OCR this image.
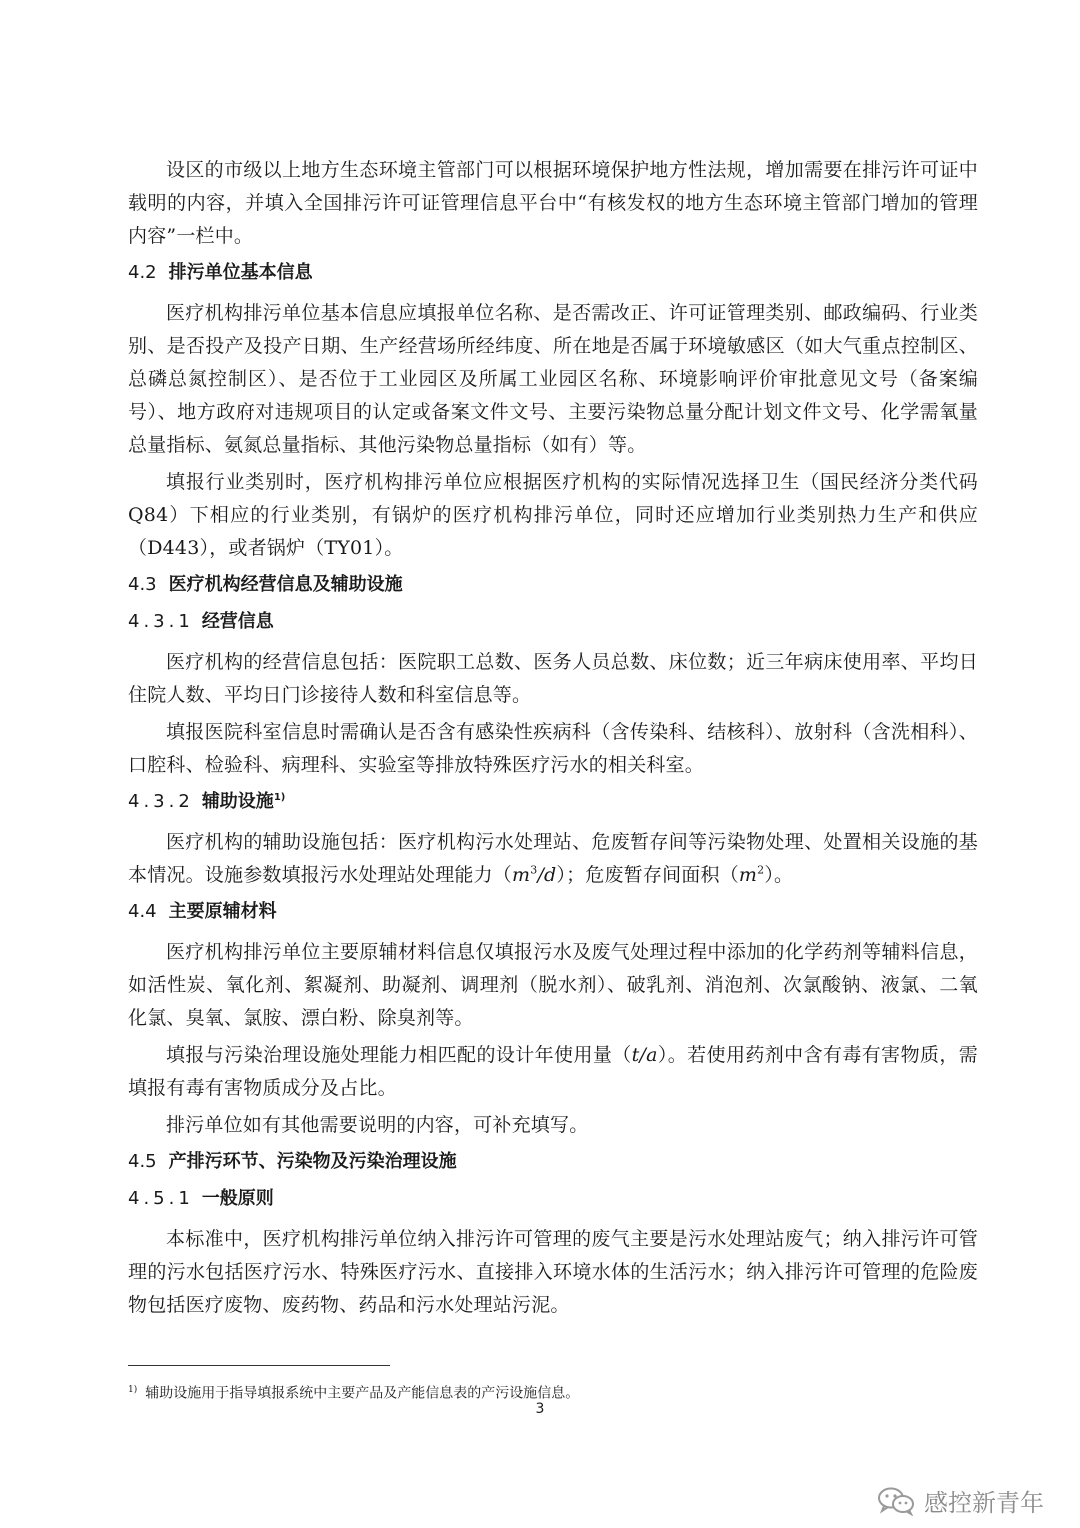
设区的市级以上地方生态环境主管部门可以根据环境保护地方性法规，增加需要在排污许可证中载明的内容，并填入全国排污许可证管理信息平台中“有核发权的地方生态环境主管部门增加的管理内容”一栏中。

4.2 排污单位基本信息

医疗机构排污单位基本信息应填报单位名称、是否需改正、许可证管理类别、邮政编码、行业类别、是否投产及投产日期、生产经营场所经纬度、所在地是否属于环境敏感区（如大气重点控制区、总磷总氮控制区）、是否位于工业园区及所属工业园区名称、环境影响评价审批意见文号（备案编号）、地方政府对违规项目的认定或备案文件文号、主要污染物总量分配计划文件文号、化学需氧量总量指标、氨氮总量指标、其他污染物总量指标（如有）等。

填报行业类别时，医疗机构排污单位应根据医疗机构的实际情况选择卫生（国民经济分类代码 Q84）下相应的行业类别，有锅炉的医疗机构排污单位，同时还应增加行业类别热力生产和供应（D443），或者锅炉（TY01）。

4.3 医疗机构经营信息及辅助设施
4.3.1 经营信息

医疗机构的经营信息包括：医院职工总数、医务人员总数、床位数；近三年病床使用率、平均日住院人数、平均日门诊接待人数和科室信息等。

填报医院科室信息时需确认是否含有感染性疾病科（含传染科、结核科）、放射科（含洗相科）、口腔科、检验科、病理科、实验室等排放特殊医疗污水的相关科室。

4.3.2 辅助设施$^{1)}$

医疗机构的辅助设施包括：医疗机构污水处理站、危废暂存间等污染物处理、处置相关设施的基本情况。设施参数填报污水处理站处理能力$(m^3/d)$；危废暂存间面积$(m^2)$。

4.4 主要原辅材料

医疗机构排污单位主要原辅材料信息仅填报污水及废气处理过程中添加的化学药剂等辅料信息，如活性炭、氧化剂、絮凝剂、助凝剂、调理剂（脱水剂）、破乳剂、消泡剂、次氯酸钠、液氯、二氧化氯、臭氧、氯胺、漂白粉、除臭剂等。

填报与污染治理设施处理能力相匹配的设计年使用量（t/a）。若使用药剂中含有毒有害物质，需填报有毒有害物质成分及占比。

排污单位如有其他需要说明的内容，可补充填写。

4.5 产排污环节、污染物及污染治理设施
4.5.1 一般原则

本标准中，医疗机构排污单位纳入排污许可管理的废气主要是污水处理站废气；纳入排污许可管理的污水包括医疗污水、特殊医疗污水、直接排入环境水体的生活污水；纳入排污许可管理的危险废物包括医疗废物、废药物、药品和污水处理站污泥。

$^{1)}$ 辅助设施用于指导填报系统中主要产品及产能信息表的产污设施信息。
3
感控新青年
